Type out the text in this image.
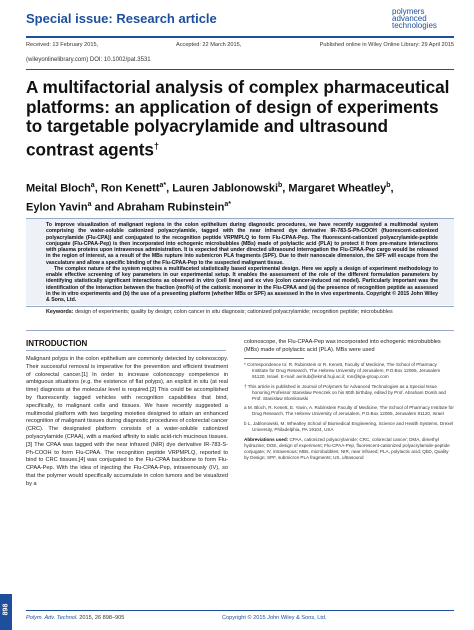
Special issue: Research article	polymers advanced technologies
Received: 13 February 2015,	Accepted: 22 March 2015,	Published online in Wiley Online Library: 29 April 2015
(wileyonlinelibrary.com) DOI: 10.1002/pat.3531
A multifactorial analysis of complex pharmaceutical platforms: an application of design of experiments to targetable polyacrylamide and ultrasound contrast agents†
Meital Bloch$^a$, Ron Kenett$^{a*}$, Lauren Jablonowski$^b$, Margaret Wheatley$^b$,
Eylon Yavin$^a$ and Abraham Rubinstein$^{a*}$

To improve visualization of malignant regions in the colon epithelium during diagnostic procedures, we have recently suggested a multimodal system comprising the water-soluble cationized polyacrylamide, tagged with the near infrared dye derivative IR-783-S-Ph-COOH (fluorescent-cationized polyacrylamide (Flu-CPA)) and conjugated to the recognition peptide VRPMPLQ to form Flu-CPAA-Pep. The fluorescent-cationized polyacrylamide-peptide conjugate (Flu-CPAA-Pep) is then incorporated into echogenic microbubbles (MBs) made of polylactic acid (PLA) to protect it from pre-mature interactions with plasma proteins upon intravenous administration. It is expected that under directed ultrasound interrogation the Flu-CPAA-Pep cargo would be released in the region of interest, as a result of the MBs rupture into submicron PLA fragments (SPF). Due to their nanoscale dimension, the SPF will escape from the vasculature and allow a specific binding of the Flu-CPAA-Pep to the suspected malignant tissue.

The complex nature of the system requires a multifaceted statistically based experimental design. Here we apply a design of experiment methodology to enable effective screening of key parameters in our experimental setup. It enables the assessment of the role of the different formulation parameters by identifying statistically significant interactions as observed in vitro (cell lines) and ex vivo (colon cancer-induced rat model). Particularly important was the identification of the interaction between the fraction (mol%) of the cationic monomer in the Flu-CPAA and (a) the presence of recognition peptide as assessed in the in vitro experiments and (b) the use of a presenting platform (whether MBs or SPF) as assessed in the in vivo experiments. Copyright © 2015 John Wiley & Sons, Ltd.

Keywords: design of experiments; quality by design; colon cancer in situ diagnosis; cationized polyacrylamide; recognition peptide; microbubbles
INTRODUCTION

Malignant polyps in the colon epithelium are commonly detected by colonoscopy. Their successful removal is imperative for the prevention and efficient treatment of colorectal cancer.[1] In order to increase colonoscopy competence in ambiguous situations (e.g. the existence of flat polyps), an explicit in situ (at real time) diagnosis at the molecular level is required.[2] This could be accomplished by fluorescently tagged vehicles with recognition capabilities that bind, specifically, to malignant cells and tissues. We have recently suggested a multimodal platform with two targeting moieties designed to attain an enhanced recognition of malignant tissues during diagnostic procedures of colorectal cancer (CRC). The designated platform consists of a water-soluble cationized polyacrylamide (CPAA), with a marked affinity to sialic acid-rich mucinous tissues.[3] The CPAA was tagged with the near infrared (NIR) dye derivative IR-783-S-Ph-COOH to form Flu-CPAA. The recognition peptide VRPMPLQ, reported to bind to CRC tissues,[4] was conjugated to the Flu-CPAA backbone to form Flu-CPAA-Pep. With the idea of injecting the Flu-CPAA-Pep, intravenously (IV), so that the polymer would specifically accumulate in colon tumors and be visualized by a

colonoscope, the Flu-CPAA-Pep was incorporated into echogenic microbubbles (MBs) made of polylactic acid (PLA). MBs were used

* Correspondence to: R. Rubinstein or R. Kenett, Faculty of Medicine, The School of Pharmacy Institute for Drug Research, The Hebrew University of Jerusalem, P.O.Box 12065, Jerusalem 91120, Israel. E-mail: avrirub@ekmd.huji.ac.il; ron@kpa-group.com

† This article is published in Journal of Polymers for Advanced Technologies as a Special Issue honoring Professor Stanislaw Penczek on his 80th birthday, edited by Prof. Abraham Domb and Prof. Stanislaw Slomkowski

a M. Bloch, R. Kenett, E. Yavin, A. Rubinstein Faculty of Medicine, The School of Pharmacy Institute for Drug Research, The Hebrew University of Jerusalem, P.O.Box 12065, Jerusalem 91120, Israel

b L. Jablonowski, M. Wheatley School of Biomedical Engineering, Science and Health Systems, Drexel University, Philadelphia, PA 19104, USA

Abbreviations used: CPAA, cationized polyacrylamide; CRC, colorectal cancer; DMA, dimethyl hydrazine; DOE, design of experiment; Flu-CPAA-Pep, fluorescent-cationized polyacrylamide-peptide conjugate; IV, intravenous; MBs, microbubbles; NIR, near infrared; PLA, polylactic acid; QbD, Quality by Design; SPF, submicron PLA fragments; US, ultrasound

Polym. Adv. Technol. 2015, 26 898–905	Copyright © 2015 John Wiley & Sons, Ltd.
898
